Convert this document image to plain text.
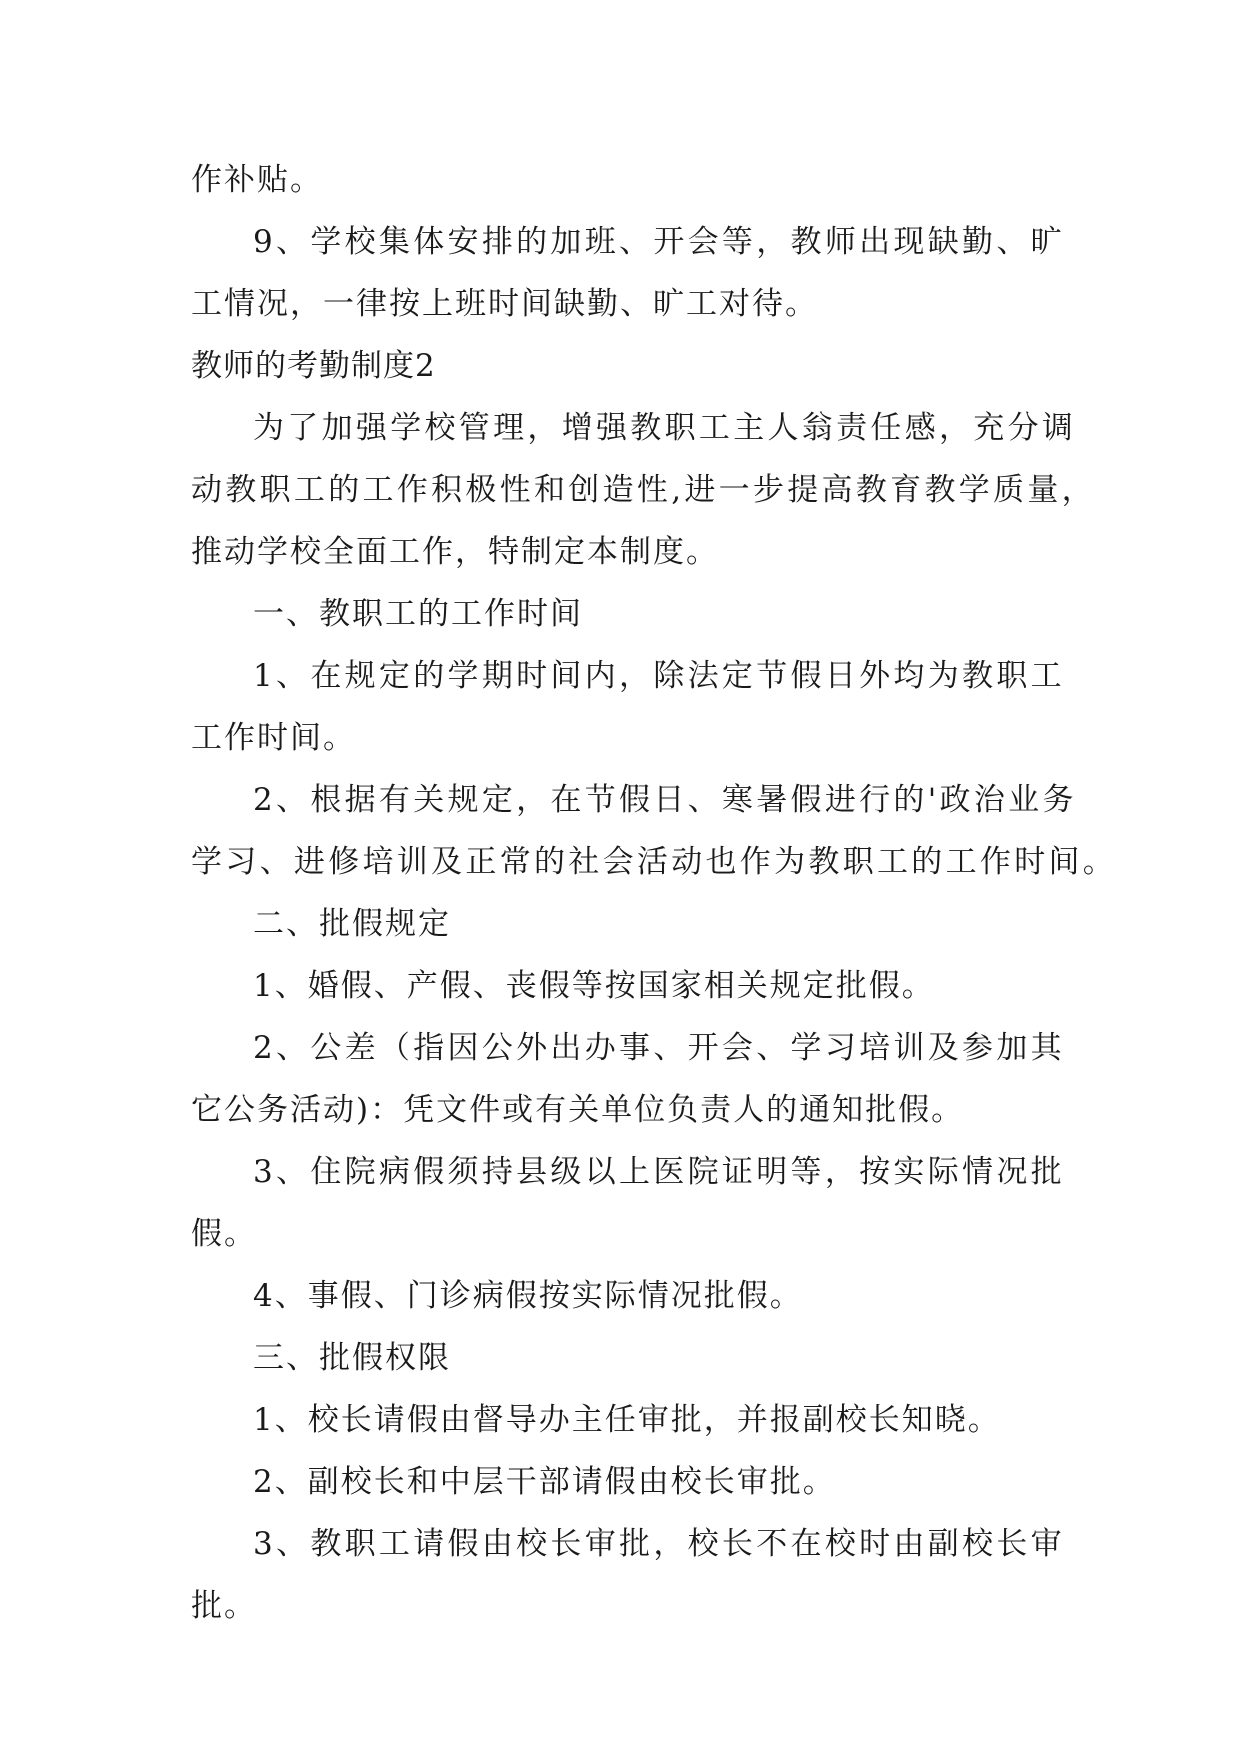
作补贴。
9、学校集体安排的加班、开会等，教师出现缺勤、旷
工情况，一律按上班时间缺勤、旷工对待。
教师的考勤制度2
为了加强学校管理，增强教职工主人翁责任感，充分调
动教职工的工作积极性和创造性,进一步提高教育教学质量，
推动学校全面工作，特制定本制度。
一、教职工的工作时间
1、在规定的学期时间内，除法定节假日外均为教职工
工作时间。
2、根据有关规定，在节假日、寒暑假进行的'政治业务
学习、进修培训及正常的社会活动也作为教职工的工作时间。
二、批假规定
1、婚假、产假、丧假等按国家相关规定批假。
2、公差（指因公外出办事、开会、学习培训及参加其
它公务活动)：凭文件或有关单位负责人的通知批假。
3、住院病假须持县级以上医院证明等，按实际情况批
假。
4、事假、门诊病假按实际情况批假。
三、批假权限
1、校长请假由督导办主任审批，并报副校长知晓。
2、副校长和中层干部请假由校长审批。
3、教职工请假由校长审批，校长不在校时由副校长审
批。
